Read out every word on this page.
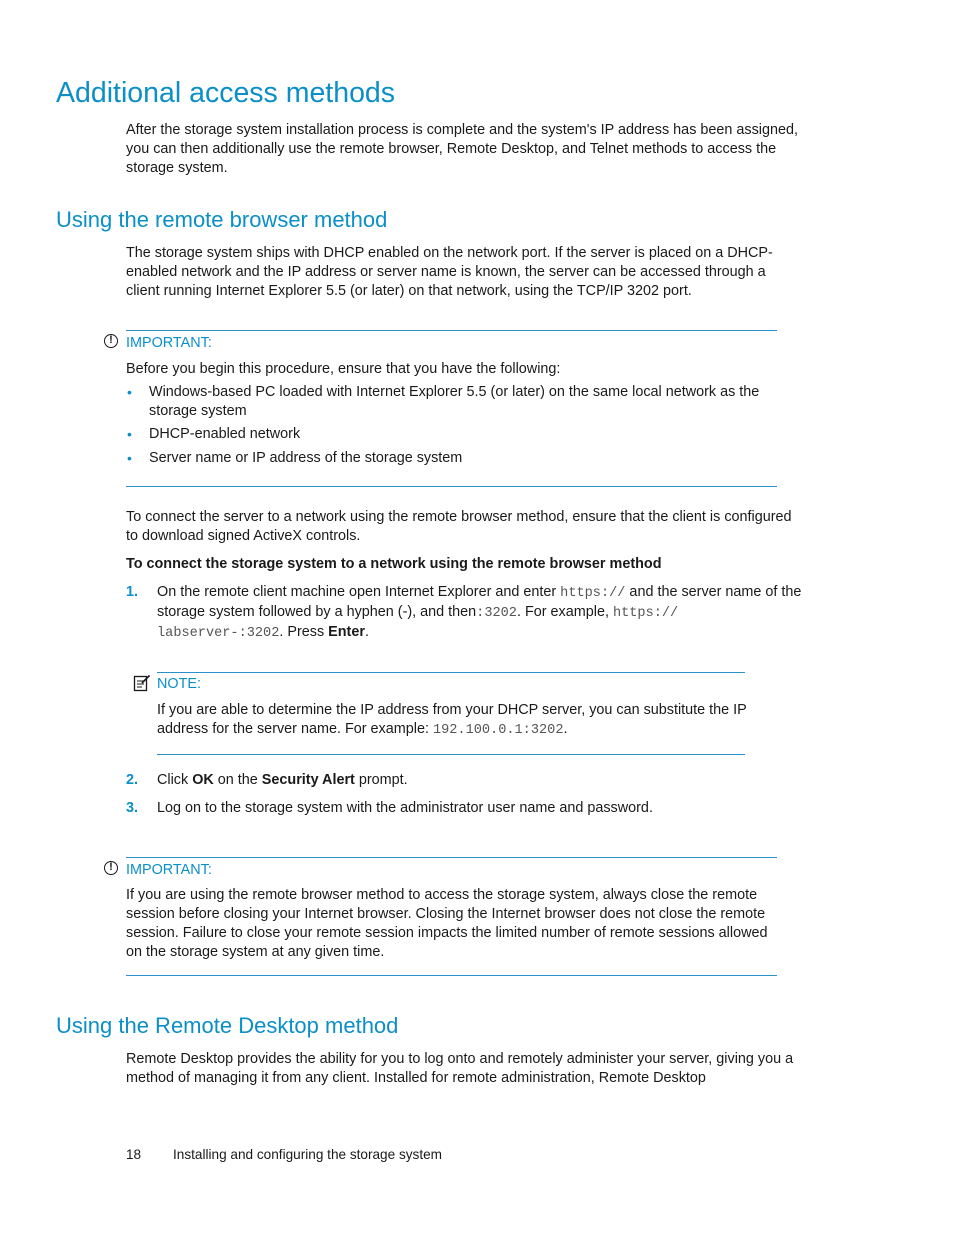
Additional access methods
After the storage system installation process is complete and the system's IP address has been assigned, you can then additionally use the remote browser, Remote Desktop, and Telnet methods to access the storage system.
Using the remote browser method
The storage system ships with DHCP enabled on the network port. If the server is placed on a DHCP-enabled network and the IP address or server name is known, the server can be accessed through a client running Internet Explorer 5.5 (or later) on that network, using the TCP/IP 3202 port.
! IMPORTANT:
Before you begin this procedure, ensure that you have the following:
• Windows-based PC loaded with Internet Explorer 5.5 (or later) on the same local network as the storage system
• DHCP-enabled network
• Server name or IP address of the storage system
To connect the server to a network using the remote browser method, ensure that the client is configured to download signed ActiveX controls.
To connect the storage system to a network using the remote browser method
1. On the remote client machine open Internet Explorer and enter https:// and the server name of the storage system followed by a hyphen (-), and then:3202. For example, https:// labserver-:3202. Press Enter.
NOTE:
If you are able to determine the IP address from your DHCP server, you can substitute the IP address for the server name. For example: 192.100.0.1:3202.
2. Click OK on the Security Alert prompt.
3. Log on to the storage system with the administrator user name and password.
! IMPORTANT:
If you are using the remote browser method to access the storage system, always close the remote session before closing your Internet browser. Closing the Internet browser does not close the remote session. Failure to close your remote session impacts the limited number of remote sessions allowed on the storage system at any given time.
Using the Remote Desktop method
Remote Desktop provides the ability for you to log onto and remotely administer your server, giving you a method of managing it from any client. Installed for remote administration, Remote Desktop
18 Installing and configuring the storage system
